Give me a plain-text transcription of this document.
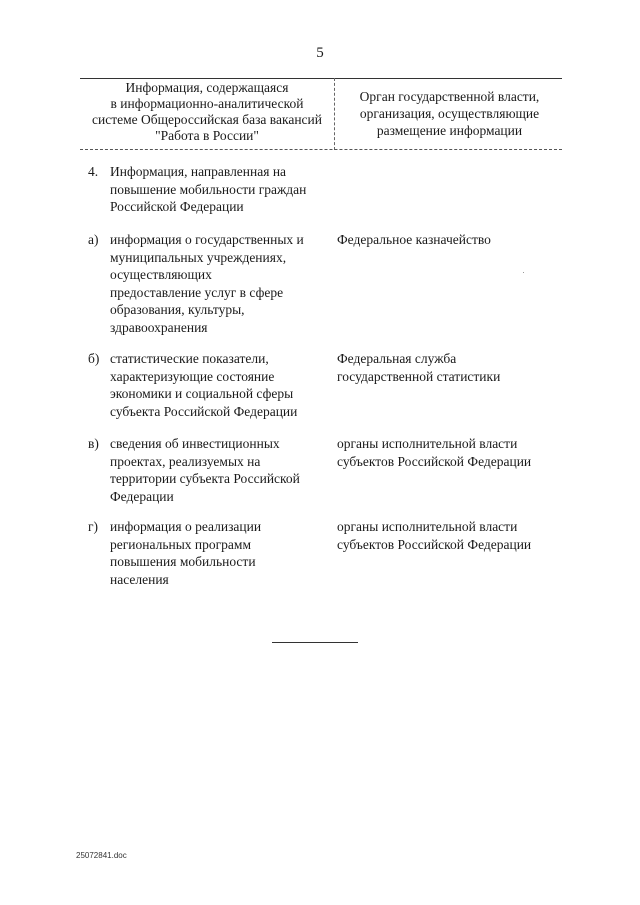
5
Информация, содержащаяся
в информационно-аналитической
системе Общероссийская база вакансий
"Работа в России"
Орган государственной власти,
организация, осуществляющие
размещение информации
4. Информация, направленная на
повышение мобильности граждан
Российской Федерации
а) информация о государственных и
муниципальных учреждениях,
осуществляющих
предоставление услуг в сфере
образования, культуры,
здравоохранения
Федеральное казначейство
б) статистические показатели,
характеризующие состояние
экономики и социальной сферы
субъекта Российской Федерации
Федеральная служба
государственной статистики
в) сведения об инвестиционных
проектах, реализуемых на
территории субъекта Российской
Федерации
органы исполнительной власти
субъектов Российской Федерации
г) информация о реализации
региональных программ
повышения мобильности
населения
органы исполнительной власти
субъектов Российской Федерации
25072841.doc
